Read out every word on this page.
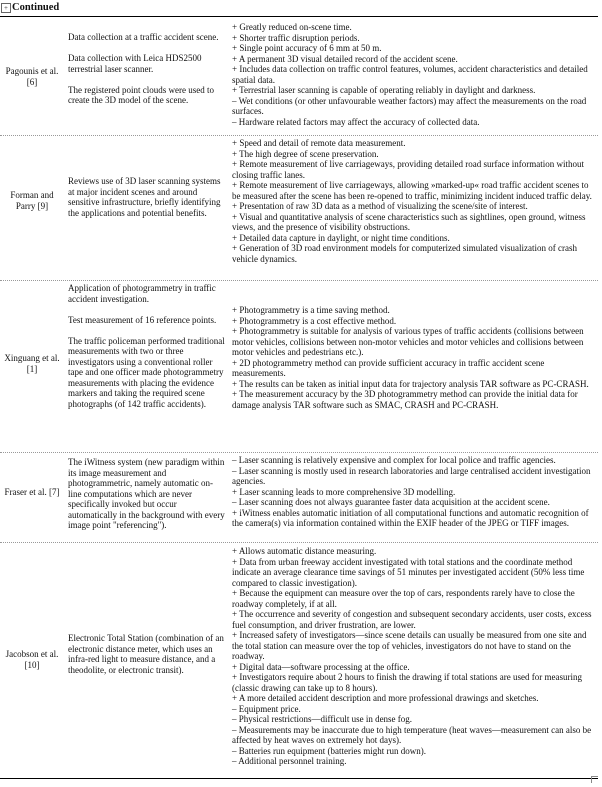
+ Continued
Pagounis et al. [6]
Data collection at a traffic accident scene.
Data collection with Leica HDS2500 terrestrial laser scanner.
The registered point clouds were used to create the 3D model of the scene.
+ Greatly reduced on-scene time.
+ Shorter traffic disruption periods.
+ Single point accuracy of 6 mm at 50 m.
+ A permanent 3D visual detailed record of the accident scene.
+ Includes data collection on traffic control features, volumes, accident characteristics and detailed spatial data.
+ Terrestrial laser scanning is capable of operating reliably in daylight and darkness.
– Wet conditions (or other unfavourable weather factors) may affect the measurements on the road surfaces.
– Hardware related factors may affect the accuracy of collected data.
Forman and Parry [9]
Reviews use of 3D laser scanning systems at major incident scenes and around sensitive infrastructure, briefly identifying the applications and potential benefits.
+ Speed and detail of remote data measurement.
+ The high degree of scene preservation.
+ Remote measurement of live carriageways, providing detailed road surface information without closing traffic lanes.
+ Remote measurement of live carriageways, allowing »marked-up« road traffic accident scenes to be measured after the scene has been re-opened to traffic, minimizing incident induced traffic delay.
+ Presentation of raw 3D data as a method of visualizing the scene/site of interest.
+ Visual and quantitative analysis of scene characteristics such as sightlines, open ground, witness views, and the presence of visibility obstructions.
+ Detailed data capture in daylight, or night time conditions.
+ Generation of 3D road environment models for computerized simulated visualization of crash vehicle dynamics.
Xinguang et al. [1]
Application of photogrammetry in traffic accident investigation.
Test measurement of 16 reference points.
The traffic policeman performed traditional measurements with two or three investigators using a conventional roller tape and one officer made photogrammetry measurements with placing the evidence markers and taking the required scene photographs (of 142 traffic accidents).
+ Photogrammetry is a time saving method.
+ Photogrammetry is a cost effective method.
+ Photogrammetry is suitable for analysis of various types of traffic accidents (collisions between motor vehicles, collisions between non-motor vehicles and motor vehicles and collisions between motor vehicles and pedestrians etc.).
+ 2D photogrammetry method can provide sufficient accuracy in traffic accident scene measurements.
+ The results can be taken as initial input data for trajectory analysis TAR software as PC-CRASH.
+ The measurement accuracy by the 3D photogrammetry method can provide the initial data for damage analysis TAR software such as SMAC, CRASH and PC-CRASH.
Fraser et al. [7]
The iWitness system (new paradigm within its image measurement and photogrammetric, namely automatic on-line computations which are never specifically invoked but occur automatically in the background with every image point "referencing").
– Laser scanning is relatively expensive and complex for local police and traffic agencies.
– Laser scanning is mostly used in research laboratories and large centralised accident investigation agencies.
+ Laser scanning leads to more comprehensive 3D modelling.
– Laser scanning does not always guarantee faster data acquisition at the accident scene.
+ iWitness enables automatic initiation of all computational functions and automatic recognition of the camera(s) via information contained within the EXIF header of the JPEG or TIFF images.
Jacobson et al. [10]
Electronic Total Station (combination of an electronic distance meter, which uses an infra-red light to measure distance, and a theodolite, or electronic transit).
+ Allows automatic distance measuring.
+ Data from urban freeway accident investigated with total stations and the coordinate method indicate an average clearance time savings of 51 minutes per investigated accident (50% less time compared to classic investigation).
+ Because the equipment can measure over the top of cars, respondents rarely have to close the roadway completely, if at all.
+ The occurrence and severity of congestion and subsequent secondary accidents, user costs, excess fuel consumption, and driver frustration, are lower.
+ Increased safety of investigators—since scene details can usually be measured from one site and the total station can measure over the top of vehicles, investigators do not have to stand on the roadway.
+ Digital data—software processing at the office.
+ Investigators require about 2 hours to finish the drawing if total stations are used for measuring (classic drawing can take up to 8 hours).
+ A more detailed accident description and more professional drawings and sketches.
– Equipment price.
– Physical restrictions—difficult use in dense fog.
– Measurements may be inaccurate due to high temperature (heat waves—measurement can also be affected by heat waves on extremely hot days).
– Batteries run equipment (batteries might run down).
– Additional personnel training.
